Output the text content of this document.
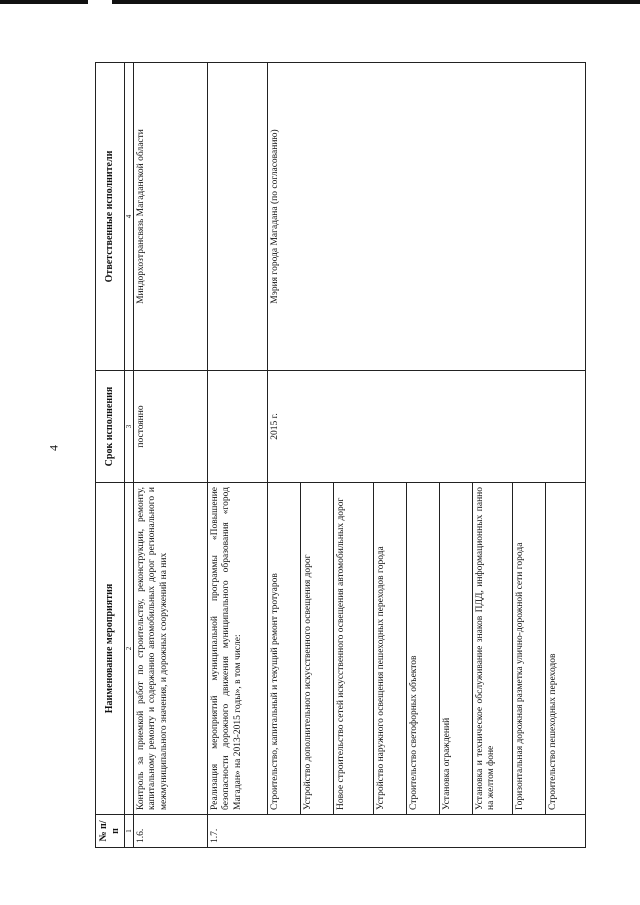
4
№ п/п	Наименование мероприятия	Срок исполнения	Ответственные исполнители
1	2	3	4
1.6.	Контроль за приемкой работ по строительству, реконструкции, ремонту, капитальному ремонту и содержанию автомобильных дорог регионального и межмуниципального значения, и дорожных сооружений на них	постоянно	Миндорхозтрансвязь Магаданской области
1.7.	Реализация мероприятий муниципальной программы «Повышение безопасности дорожного движения муниципального образования «город Магадан» на 2013-2015 годы», в том числе:		
	Строительство, капитальный и текущий ремонт тротуаров	2015 г.	Мэрия города Магадана (по согласованию)
	Устройство дополнительного искусственного освещения дорог		
	Новое строительство сетей искусственного освещения автомобильных дорог		
	Устройство наружного освещения пешеходных переходов города		
	Строительство светофорных объектов		
	Установка ограждений		
	Установка и техническое обслуживание знаков ПДД, информационных панно на желтом фоне		
	Горизонтальная дорожная разметка улично-дорожной сети города		
	Строительство пешеходных переходов		
